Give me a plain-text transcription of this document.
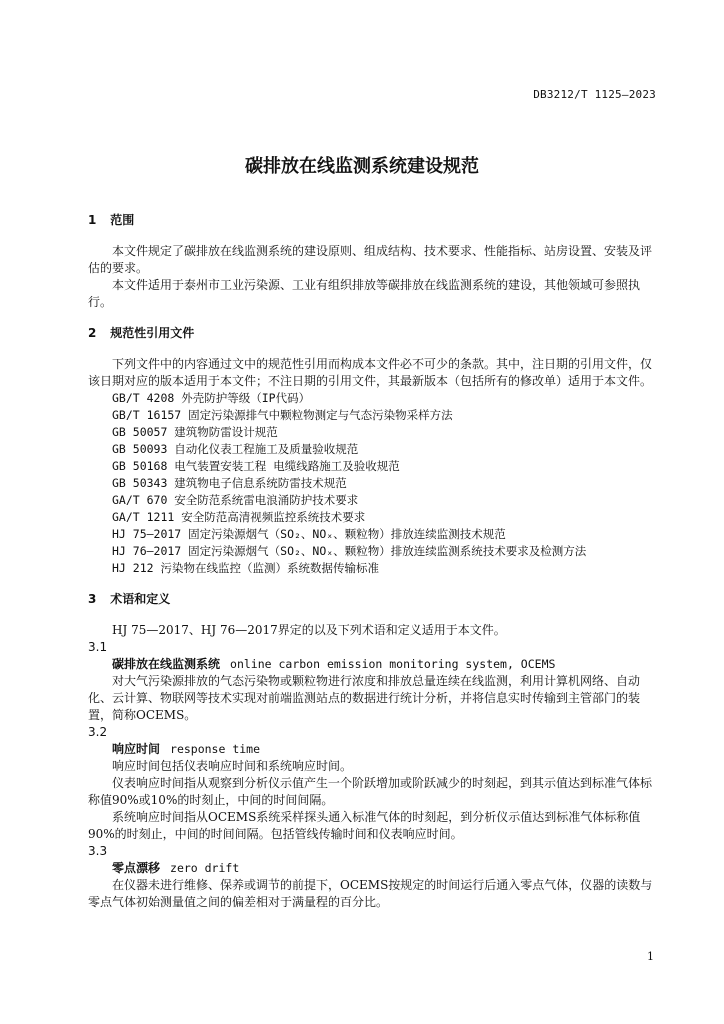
DB3212/T 1125—2023
碳排放在线监测系统建设规范
1 范围

本文件规定了碳排放在线监测系统的建设原则、组成结构、技术要求、性能指标、站房设置、安装及评估的要求。

本文件适用于泰州市工业污染源、工业有组织排放等碳排放在线监测系统的建设，其他领域可参照执行。

2 规范性引用文件

下列文件中的内容通过文中的规范性引用而构成本文件必不可少的条款。其中，注日期的引用文件，仅该日期对应的版本适用于本文件；不注日期的引用文件，其最新版本（包括所有的修改单）适用于本文件。

GB/T 4208 外壳防护等级（IP代码）

GB/T 16157 固定污染源排气中颗粒物测定与气态污染物采样方法

GB 50057 建筑物防雷设计规范

GB 50093 自动化仪表工程施工及质量验收规范

GB 50168 电气装置安装工程 电缆线路施工及验收规范

GB 50343 建筑物电子信息系统防雷技术规范

GA/T 670 安全防范系统雷电浪涌防护技术要求

GA/T 1211 安全防范高清视频监控系统技术要求

HJ 75—2017 固定污染源烟气（SO₂、NOₓ、颗粒物）排放连续监测技术规范

HJ 76—2017 固定污染源烟气（SO₂、NOₓ、颗粒物）排放连续监测系统技术要求及检测方法

HJ 212 污染物在线监控（监测）系统数据传输标准

3 术语和定义

HJ 75—2017、HJ 76—2017界定的以及下列术语和定义适用于本文件。

3.1

碳排放在线监测系统 online carbon emission monitoring system, OCEMS

对大气污染源排放的气态污染物或颗粒物进行浓度和排放总量连续在线监测，利用计算机网络、自动化、云计算、物联网等技术实现对前端监测站点的数据进行统计分析，并将信息实时传输到主管部门的装置，简称OCEMS。

3.2

响应时间 response time

响应时间包括仪表响应时间和系统响应时间。

仪表响应时间指从观察到分析仪示值产生一个阶跃增加或阶跃减少的时刻起，到其示值达到标准气体标称值90%或10%的时刻止，中间的时间间隔。

系统响应时间指从OCEMS系统采样探头通入标准气体的时刻起，到分析仪示值达到标准气体标称值90%的时刻止，中间的时间间隔。包括管线传输时间和仪表响应时间。

3.3

零点漂移 zero drift

在仪器未进行维修、保养或调节的前提下，OCEMS按规定的时间运行后通入零点气体，仪器的读数与零点气体初始测量值之间的偏差相对于满量程的百分比。

1
